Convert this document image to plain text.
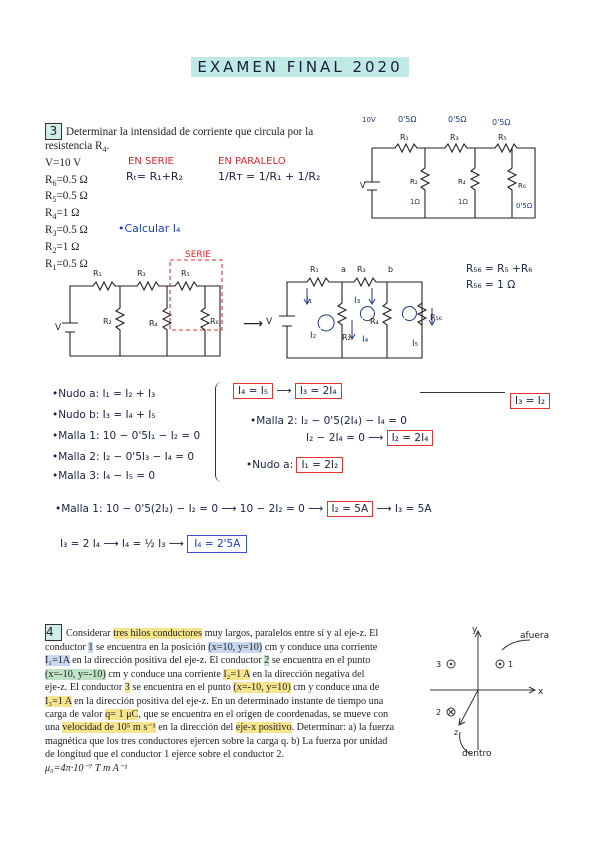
EXAMEN FINAL 2020
3 Determinar la intensidad de corriente que circula por la
resistencia $R_4$.
V=10 V
$R_6=0.5$ Ω
$R_5=0.5$ Ω
$R_4=1$ Ω
$R_3=0.5$ Ω
$R_2=1$ Ω
$R_1=0.5$ Ω
EN SERIE
Rₜ= R₁+R₂
EN PARALELO
1/Rᴛ = 1/R₁ + 1/R₂
•Calcular I₄
10V
V
0'5Ω	0'5Ω	0'5Ω
R₁	R₃	R₅
R₂
1Ω
R₄
1Ω
R₆
0'5Ω
V
R₁	R₃	R₅
R₂	R₄	R₆
SERIE
⟶ V
R₁	R₃
a	b
R₂
R₄	R₅₆
I₁	I₃
I₂	I₄	I₅
R₅₆ = R₅ +R₆
R₅₆ = 1 Ω
•Nudo a: I₁ = I₂ + I₃
•Nudo b: I₃ = I₄ + I₅
•Malla 1: 10 − 0'5I₁ − I₂ = 0
•Malla 2: I₂ − 0'5I₃ − I₄ = 0
•Malla 3: I₄ − I₅ = 0
I₄ = I₅ ⟶ I₃ = 2I₄
I₃ = I₂
•Malla 2: I₂ − 0'5(2I₄) − I₄ = 0
I₂ − 2I₄ = 0 ⟶ I₂ = 2I₄
•Nudo a: I₁ = 2I₂
•Malla 1: 10 − 0'5(2I₂) − I₂ = 0 ⟶ 10 − 2I₂ = 0 ⟶ I₂ = 5A ⟶ I₃ = 5A
I₃ = 2 I₄ ⟶ I₄ = ½ I₃ ⟶ I₄ = 2'5A
4 Considerar tres hilos conductores muy largos, paralelos entre sí y al eje-z. El
conductor 1 se encuentra en la posición (x=10, y=10) cm y conduce una corriente
I₁=1A en la dirección positiva del eje-z. El conductor 2 se encuentra en el punto
(x=-10, y=-10) cm y conduce una corriente I₂=1 A en la dirección negativa del
eje-z. El conductor 3 se encuentra en el punto (x=-10, y=10) cm y conduce una de
I₃=1 A en la dirección positiva del eje-z. En un determinado instante de tiempo una
carga de valor q= 1 μC, que se encuentra en el origen de coordenadas, se mueve con
una velocidad de 10⁵ m s⁻¹ en la dirección del eje-x positivo. Determinar: a) la fuerza
magnética que los tres conductores ejercen sobre la carga q. b) La fuerza por unidad
de longitud que el conductor 1 ejerce sobre el conductor 2.
μ₀=4π·10⁻⁷ T m A⁻¹
y
x
z
3	1
2
afuera
dentro
